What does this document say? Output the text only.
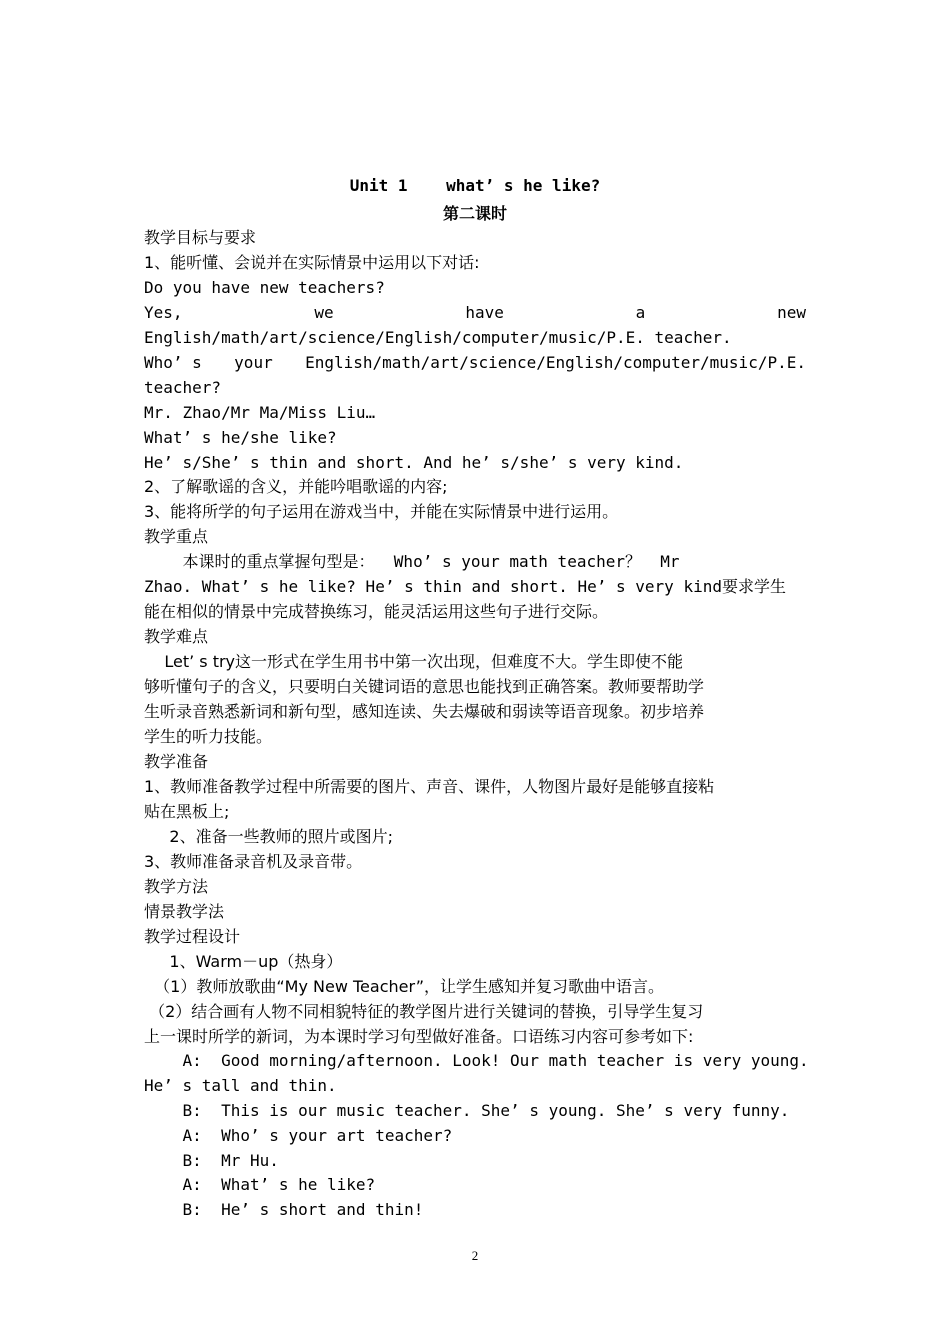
Unit 1    what’ s he like?
第二课时
教学目标与要求
1、能听懂、会说并在实际情景中运用以下对话:
Do you have new teachers?
Yes,	we	have	a	new
English/math/art/science/English/computer/music/P.E. teacher.
Who’ s your English/math/art/science/English/computer/music/P.E.
teacher?
Mr. Zhao/Mr Ma/Miss Liu…
What’ s he/she like?
He’ s/She’ s thin and short. And he’ s/she’ s very kind.
2、了解歌谣的含义，并能吟唱歌谣的内容;
3、能将所学的句子运用在游戏当中，并能在实际情景中进行运用。
教学重点
本课时的重点掌握句型是：  Who’ s your math teacher？  Mr
Zhao. What’ s he like? He’ s thin and short. He’ s very kind要求学生
能在相似的情景中完成替换练习，能灵活运用这些句子进行交际。
教学难点
Let’ s try这一形式在学生用书中第一次出现，但难度不大。学生即使不能
够听懂句子的含义，只要明白关键词语的意思也能找到正确答案。教师要帮助学
生听录音熟悉新词和新句型，感知连读、失去爆破和弱读等语音现象。初步培养
学生的听力技能。
教学准备
1、教师准备教学过程中所需要的图片、声音、课件，人物图片最好是能够直接粘
贴在黑板上;
2、准备一些教师的照片或图片;
3、教师准备录音机及录音带。
教学方法
情景教学法
教学过程设计
1、Warm－up（热身）
（1）教师放歌曲“My New Teacher”，让学生感知并复习歌曲中语言。
（2）结合画有人物不同相貌特征的教学图片进行关键词的替换，引导学生复习
上一课时所学的新词，为本课时学习句型做好准备。口语练习内容可参考如下:
A:  Good morning/afternoon. Look! Our math teacher is very young.
He’ s tall and thin.
B:  This is our music teacher. She’ s young. She’ s very funny.
A:  Who’ s your art teacher?
B:  Mr Hu.
A:  What’ s he like?
B:  He’ s short and thin!
2
